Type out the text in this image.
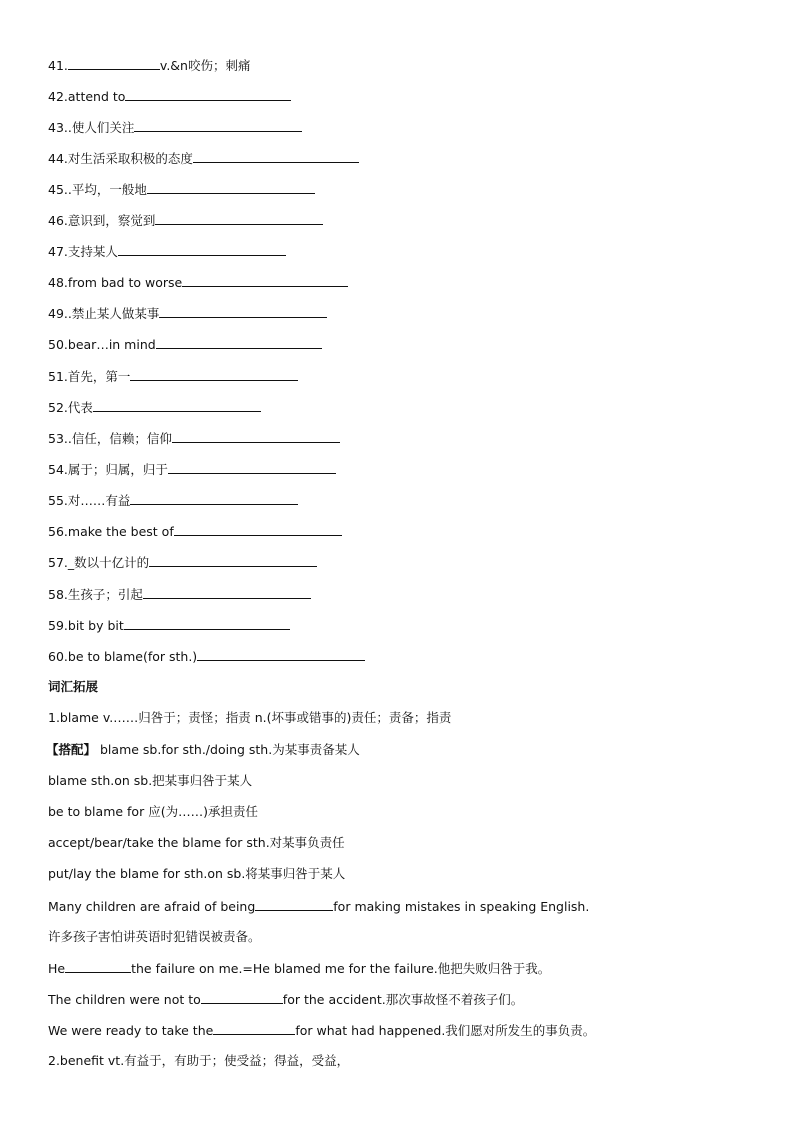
41.	v.&n咬伤；刺痛
42.attend to
43..使人们关注
44.对生活采取积极的态度
45..平均，一般地
46.意识到，察觉到
47.支持某人
48.from bad to worse
49..禁止某人做某事
50.bear…in mind
51.首先，第一
52.代表
53..信任，信赖；信仰
54.属于；归属，归于
55.对……有益
56.make the best of
57._数以十亿计的
58.生孩子；引起
59.bit by bit
60.be to blame(for sth.)
词汇拓展
1.blame v.……归咎于；责怪；指责 n.(坏事或错事的)责任；责备；指责
【搭配】 blame sb.for sth./doing sth.为某事责备某人
blame sth.on sb.把某事归咎于某人
be to blame for 应(为……)承担责任
accept/bear/take the blame for sth.对某事负责任
put/lay the blame for sth.on sb.将某事归咎于某人
Many children are afraid of being	for making mistakes in speaking English.
许多孩子害怕讲英语时犯错误被责备。
He	the failure on me.=He blamed me for the failure.他把失败归咎于我。
The children were not to	for the accident.那次事故怪不着孩子们。
We were ready to take the	for what had happened.我们愿对所发生的事负责。
2.benefit vt.有益于，有助于；使受益；得益，受益，
